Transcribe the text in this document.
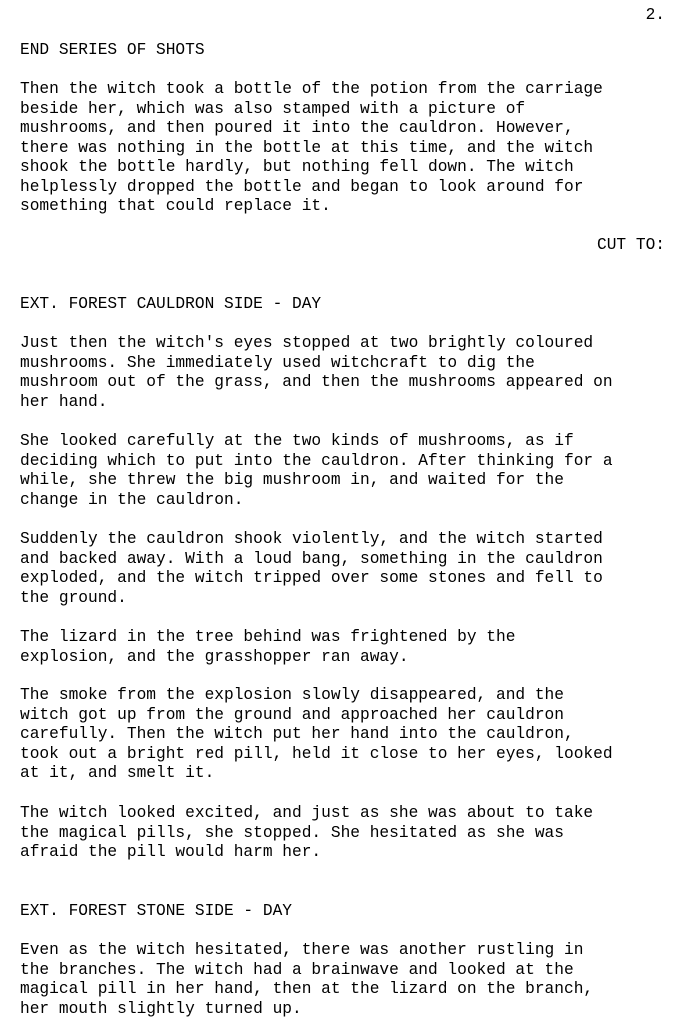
2.
END SERIES OF SHOTS
Then the witch took a bottle of the potion from the carriage
beside her, which was also stamped with a picture of
mushrooms, and then poured it into the cauldron. However,
there was nothing in the bottle at this time, and the witch
shook the bottle hardly, but nothing fell down. The witch
helplessly dropped the bottle and began to look around for
something that could replace it.
CUT TO:
EXT. FOREST CAULDRON SIDE - DAY
Just then the witch's eyes stopped at two brightly coloured
mushrooms. She immediately used witchcraft to dig the
mushroom out of the grass, and then the mushrooms appeared on
her hand.
She looked carefully at the two kinds of mushrooms, as if
deciding which to put into the cauldron. After thinking for a
while, she threw the big mushroom in, and waited for the
change in the cauldron.
Suddenly the cauldron shook violently, and the witch started
and backed away. With a loud bang, something in the cauldron
exploded, and the witch tripped over some stones and fell to
the ground.
The lizard in the tree behind was frightened by the
explosion, and the grasshopper ran away.
The smoke from the explosion slowly disappeared, and the
witch got up from the ground and approached her cauldron
carefully. Then the witch put her hand into the cauldron,
took out a bright red pill, held it close to her eyes, looked
at it, and smelt it.
The witch looked excited, and just as she was about to take
the magical pills, she stopped. She hesitated as she was
afraid the pill would harm her.
EXT. FOREST STONE SIDE - DAY
Even as the witch hesitated, there was another rustling in
the branches. The witch had a brainwave and looked at the
magical pill in her hand, then at the lizard on the branch,
her mouth slightly turned up.
